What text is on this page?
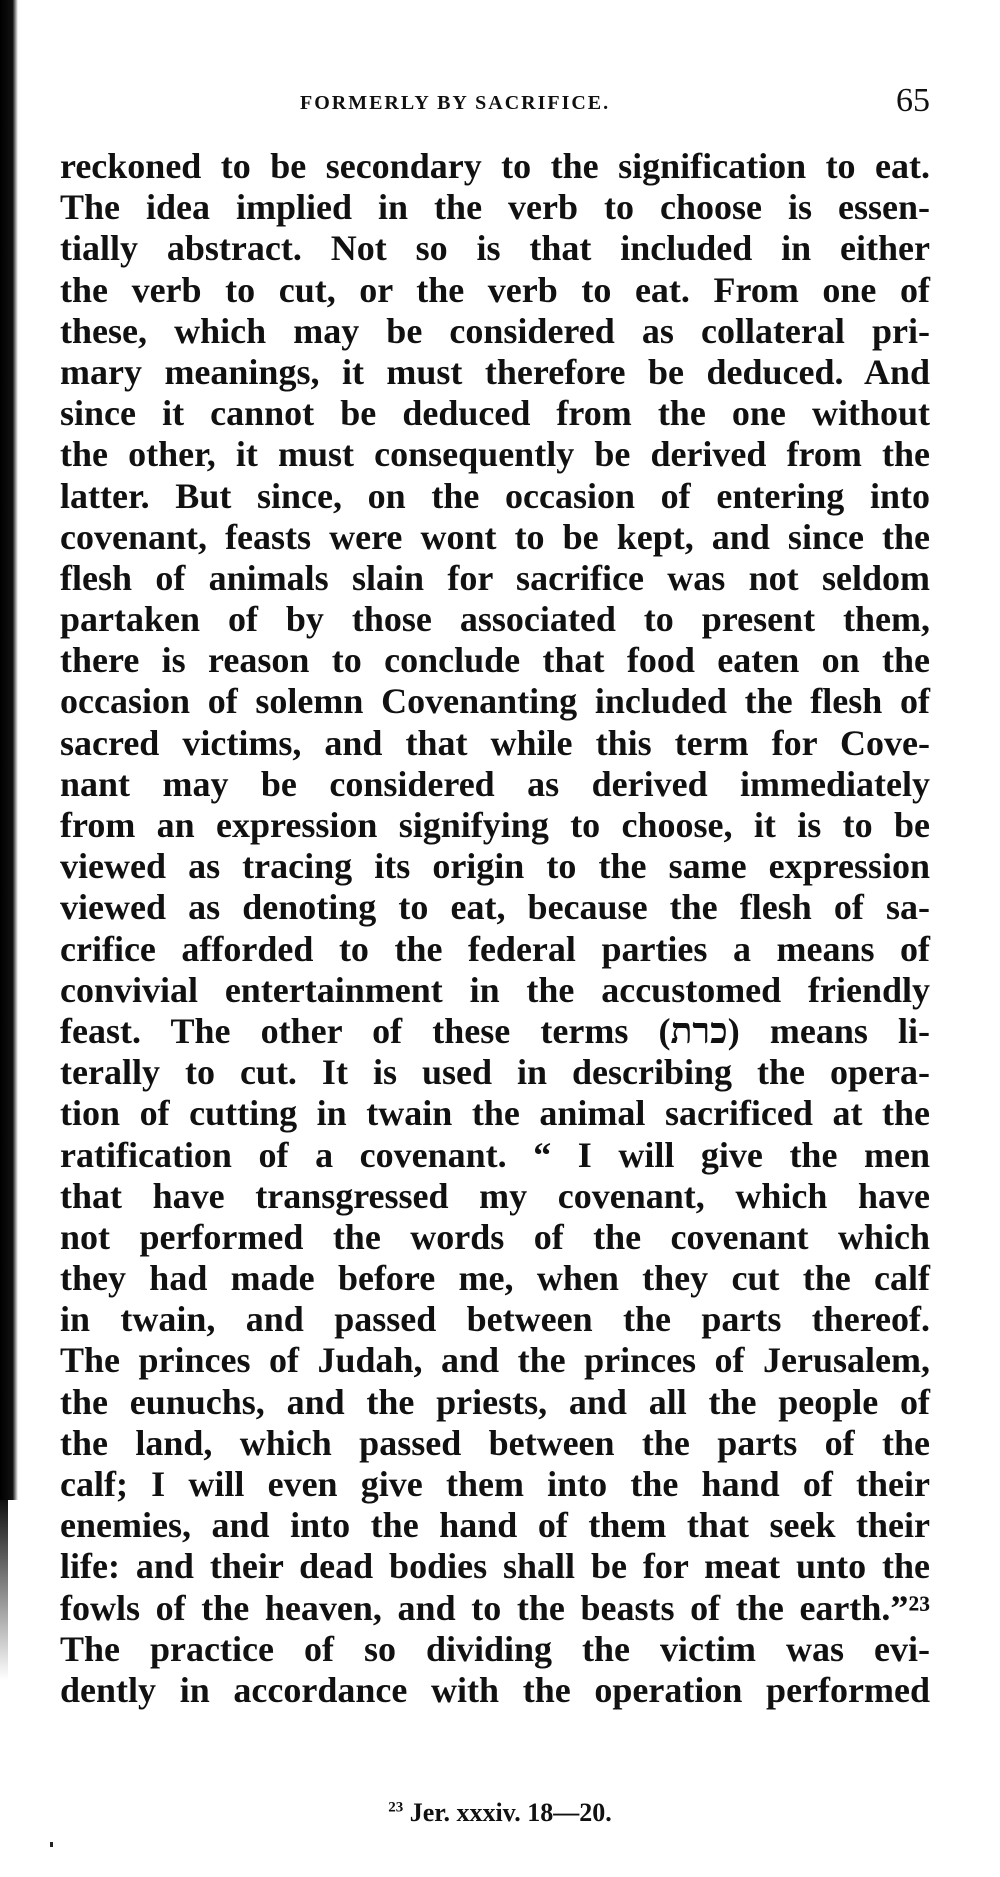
FORMERLY BY SACRIFICE.	65
reckoned to be secondary to the signification to eat.
The idea implied in the verb to choose is essen-
tially abstract. Not so is that included in either
the verb to cut, or the verb to eat. From one of
these, which may be considered as collateral pri-
mary meanings, it must therefore be deduced. And
since it cannot be deduced from the one without
the other, it must consequently be derived from the
latter. But since, on the occasion of entering into
covenant, feasts were wont to be kept, and since the
flesh of animals slain for sacrifice was not seldom
partaken of by those associated to present them,
there is reason to conclude that food eaten on the
occasion of solemn Covenanting included the flesh of
sacred victims, and that while this term for Cove-
nant may be considered as derived immediately
from an expression signifying to choose, it is to be
viewed as tracing its origin to the same expression
viewed as denoting to eat, because the flesh of sa-
crifice afforded to the federal parties a means of
convivial entertainment in the accustomed friendly
feast. The other of these terms (כרת) means li-
terally to cut. It is used in describing the opera-
tion of cutting in twain the animal sacrificed at the
ratification of a covenant. “ I will give the men
that have transgressed my covenant, which have
not performed the words of the covenant which
they had made before me, when they cut the calf
in twain, and passed between the parts thereof.
The princes of Judah, and the princes of Jerusalem,
the eunuchs, and the priests, and all the people of
the land, which passed between the parts of the
calf; I will even give them into the hand of their
enemies, and into the hand of them that seek their
life: and their dead bodies shall be for meat unto the
fowls of the heaven, and to the beasts of the earth.”²³
The practice of so dividing the victim was evi-
dently in accordance with the operation performed
$^{23}$ Jer. xxxiv. 18—20.
